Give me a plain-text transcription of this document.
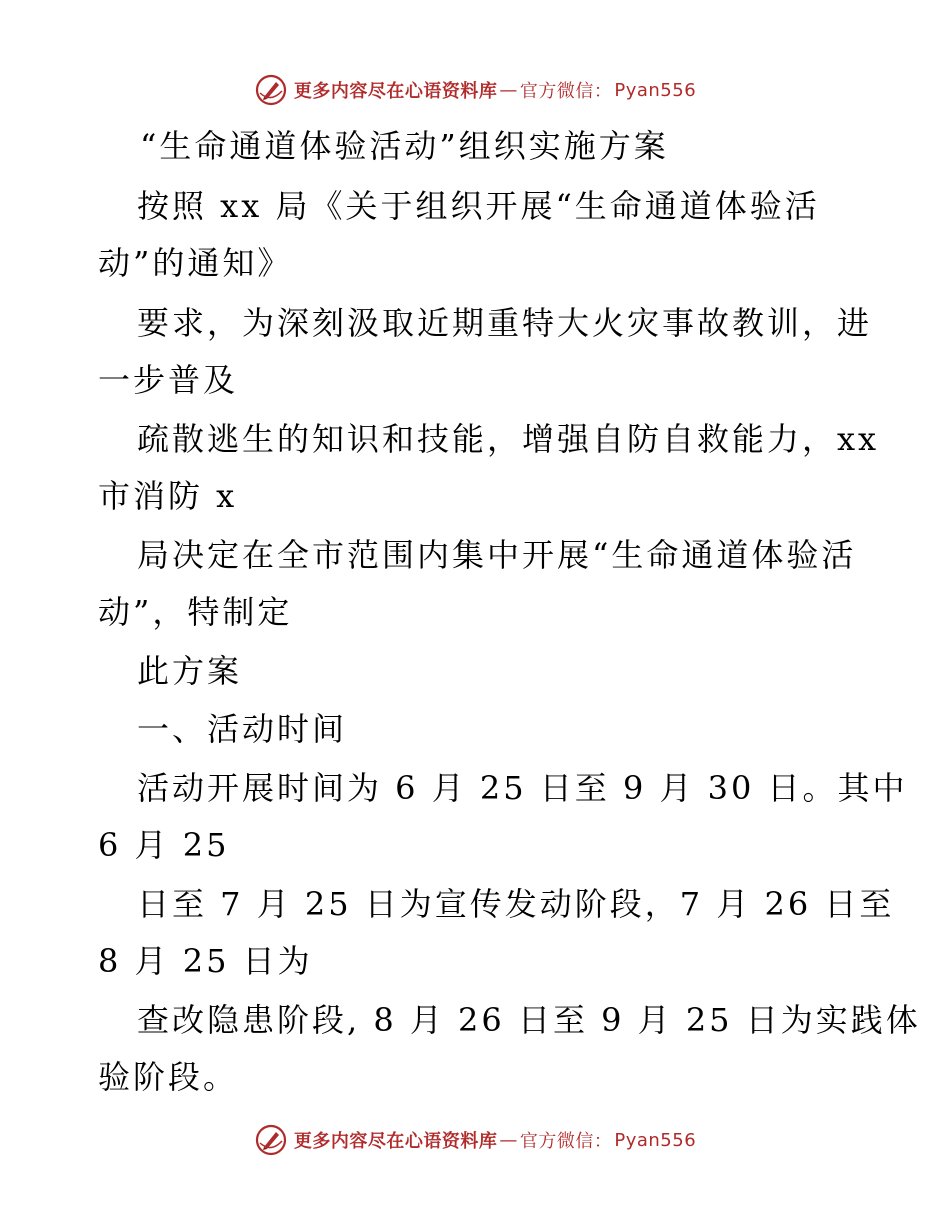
更多内容尽在心语资料库 — 官方微信： Pyan556
“生命通道体验活动”组织实施方案
按照 xx 局《关于组织开展“生命通道体验活
动”的通知》
要求，为深刻汲取近期重特大火灾事故教训，进
一步普及
疏散逃生的知识和技能，增强自防自救能力，xx
市消防 x
局决定在全市范围内集中开展“生命通道体验活
动”，特制定
此方案
一、活动时间
活动开展时间为 6 月 25 日至 9 月 30 日。其中
6 月 25
日至 7 月 25 日为宣传发动阶段，7 月 26 日至
8 月 25 日为
查改隐患阶段, 8 月 26 日至 9 月 25 日为实践体
验阶段。
更多内容尽在心语资料库 — 官方微信： Pyan556
